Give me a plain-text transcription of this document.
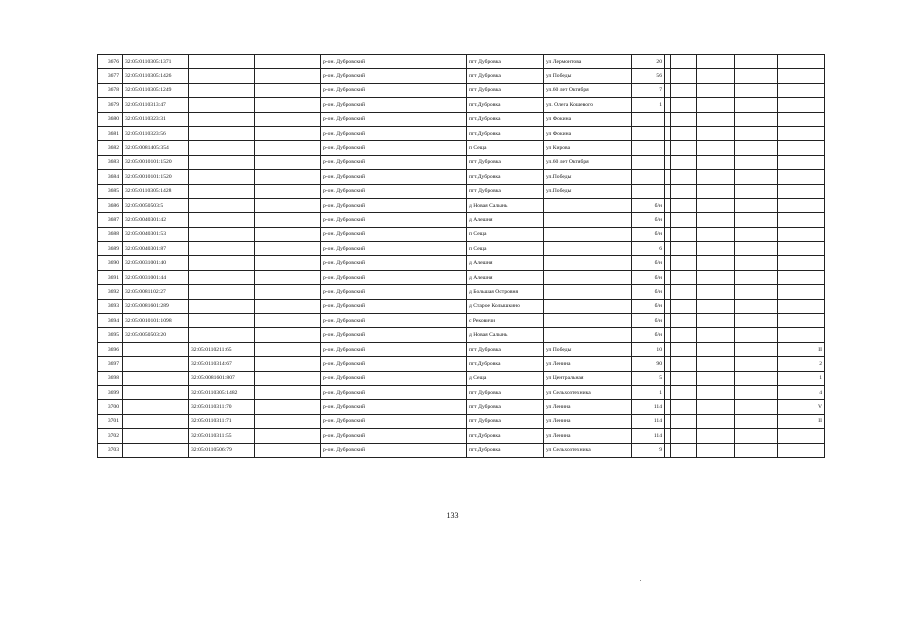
3676	32:05:0110305:1371			р-он. Дубровский	пгт Дубровка	ул Лермонтова	20					
3677	32:05:0110305:1426			р-он. Дубровский	пгт Дубровка	ул Победы	56					
3678	32:05:0110305:1249			р-он. Дубровский	пгт Дубровка	ул.60 лет Октября	7					
3679	32:05:0110313:47			р-он. Дубровский	пгт.Дубровка	ул. Олега Кошевого	1					
3680	32:05:0110323:31			р-он. Дубровский	пгт.Дубровка	ул Фокина						
3681	32:05:0110323:56			р-он. Дубровский	пгт.Дубровка	ул Фокина						
3682	32:05:0081405:354			р-он. Дубровский	п Сеща	ул Кирова						
3683	32:05:0010101:1520			р-он. Дубровский	пгт Дубровка	ул.60 лет Октября						
3684	32:05:0010101:1520			р-он. Дубровский	пгт.Дубровка	ул.Победы						
3685	32:05:0110305:1428			р-он. Дубровский	пгт Дубровка	ул.Победы						
3686	32:05:0050503:5			р-он. Дубровский	д Новая Салынь		б/н					
3687	32:05:0040301:42			р-он. Дубровский	д Алешня		б/н					
3688	32:05:0040301:53			р-он. Дубровский	п Сеща		б/н					
3689	32:05:0040301:87			р-он. Дубровский	п Сеща		6					
3690	32:05:0031001:40			р-он. Дубровский	д Алешня		б/н					
3691	32:05:0031001:44			р-он. Дубровский	д Алешня		б/н					
3692	32:05:0081102:27			р-он. Дубровский	д Большая Островня		б/н					
3693	32:05:0081601:289			р-он. Дубровский	д Старое Колышкино		б/н					
3694	32:05:0010101:1098			р-он. Дубровский	с Рековичи		б/н					
3695	32:05:0050503:20			р-он. Дубровский	д Новая Салынь		б/н					
3696		32:05:0110211:65		р-он. Дубровский	пгт Дубровка	ул Победы	10					II
3697		32:05:0110314:67		р-он. Дубровский	пгт.Дубровка	ул Ленина	90					2
3698		32:05:0081601:807		р-он. Дубровский	д Сеща	ул Центральная	5					1
3699		32:05:0110305:1482		р-он. Дубровский	пгт Дубровка	ул Сельхозтехника	1					4
3700		32:05:0110311:70		р-он. Дубровский	пгт Дубровка	ул Ленина	114					V
3701		32:05:0110311:71		р-он. Дубровский	пгт Дубровка	ул Ленина	114					II
3702		32:05:0110311:55		р-он. Дубровский	пгт.Дубровка	ул Ленина	114					
3703		32:05:0110506:79		р-он. Дубровский	пгт.Дубровка	ул Сельхозтехника	9					
133
